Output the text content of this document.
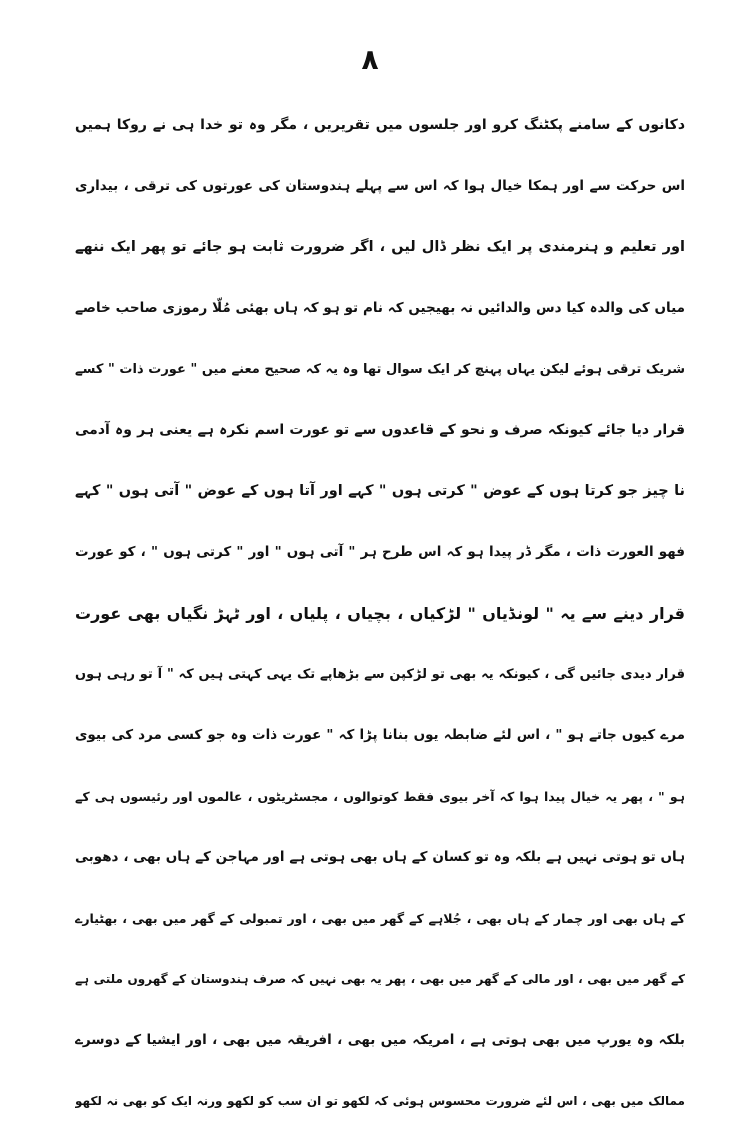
۸
دکانوں کے سامنے پکٹنگ کرو اور جلسوں میں تقریریں ، مگر وہ تو خدا ہی نے روکا ہمیں
اس حرکت سے اور ہمکا خیال ہوا کہ اس سے پہلے ہندوستان کی عورتوں کی ترقی ، بیداری
اور تعلیم و ہنرمندی پر ایک نظر ڈال لیں ، اگر ضرورت ثابت ہو جائے تو پھر ایک ننھے
میاں کی والدہ کیا دس والدائیں نہ بھیجیں کہ نام تو ہو کہ ہاں بھئی مُلّا رموزی صاحب خاصے
شریک ترقی ہوئے لیکن یہاں پہنچ کر ایک سوال تھا وہ یہ کہ صحیح معنے میں " عورت ذات " کسے
قرار دیا جائے کیونکہ صرف و نحو کے قاعدوں سے تو عورت اسم نکرہ ہے یعنی ہر وہ آدمی
نا چیز جو کرتا ہوں کے عوض " کرتی ہوں " کہے اور آتا ہوں کے عوض " آتی ہوں " کہے
فھو العورت ذات ، مگر ڈر پیدا ہو کہ اس طرح ہر " آتی ہوں " اور " کرتی ہوں " ، کو عورت
قرار دینے سے یہ " لونڈیاں " لڑکیاں ، بچیاں ، پلیاں ، اور ٹہڑ نگیاں بھی عورت
قرار دیدی جائیں گی ، کیونکہ یہ بھی تو لڑکپن سے بڑھاپے تک یہی کہتی ہیں کہ " آ تو رہی ہوں
مرے کیوں جاتے ہو " ، اس لئے ضابطہ یوں بنانا پڑا کہ " عورت ذات وہ جو کسی مرد کی بیوی
ہو " ، پھر یہ خیال پیدا ہوا کہ آخر بیوی فقط کوتوالوں ، مجسٹریٹوں ، عالموں اور رئیسوں ہی کے
ہاں تو ہوتی نہیں ہے بلکہ وہ تو کسان کے ہاں بھی ہوتی ہے اور مہاجن کے ہاں بھی ، دھوبی
کے ہاں بھی اور چمار کے ہاں بھی ، جُلاہے کے گھر میں بھی ، اور تمبولی کے گھر میں بھی ، بھٹیارے
کے گھر میں بھی ، اور مالی کے گھر میں بھی ، پھر یہ بھی نہیں کہ صرف ہندوستان کے گھروں ملتی ہے
بلکہ وہ یورپ میں بھی ہوتی ہے ، امریکہ میں بھی ، افریقہ میں بھی ، اور ایشیا کے دوسرے
ممالک میں بھی ، اس لئے ضرورت محسوس ہوئی کہ لکھو تو ان سب کو لکھو ورنہ ایک کو بھی نہ لکھو
